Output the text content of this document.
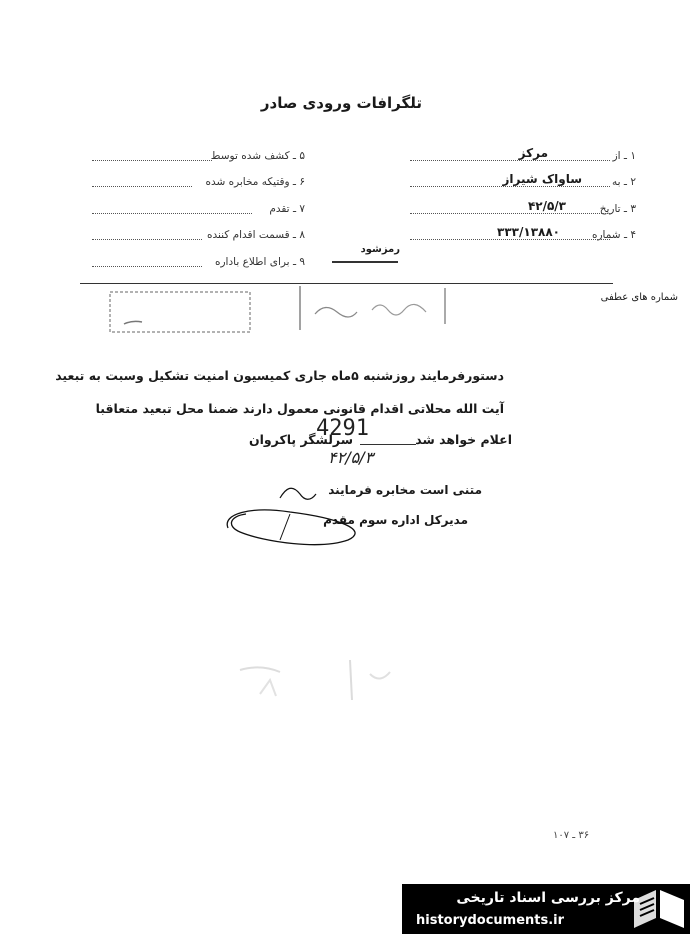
تلگرافات ورودی صادر
۱ ـ از
مرکز
۲ ـ به
ساواک شیراز
۳ ـ تاریخ
۴۲/۵/۳
۴ ـ شماره
۳۳۳/۱۳۸۸۰
۵ ـ کشف شده توسط
۶ ـ وقتیکه مخابره شده
۷ ـ تقدم
۸ ـ قسمت اقدام کننده
۹ ـ برای اطلاع باداره
رمزشود
شماره های عطفی
دستورفرمایند روزشنبه ۵ماه جاری کمیسیون امنیت تشکیل وسبت به تبعید
آیت الله محلاتی اقدام قانونی معمول دارند ضمنا محل تبعید متعاقبا
اعلام خواهد شد
سرلشگر پاکروان
4291
۴۲/۵/۳
متنی است مخابره فرمایند
مدیرکل اداره سوم مقدم
۳۶ ـ ۱۰۷
مرکز بررسی اسناد تاریخی
historydocuments.ir
